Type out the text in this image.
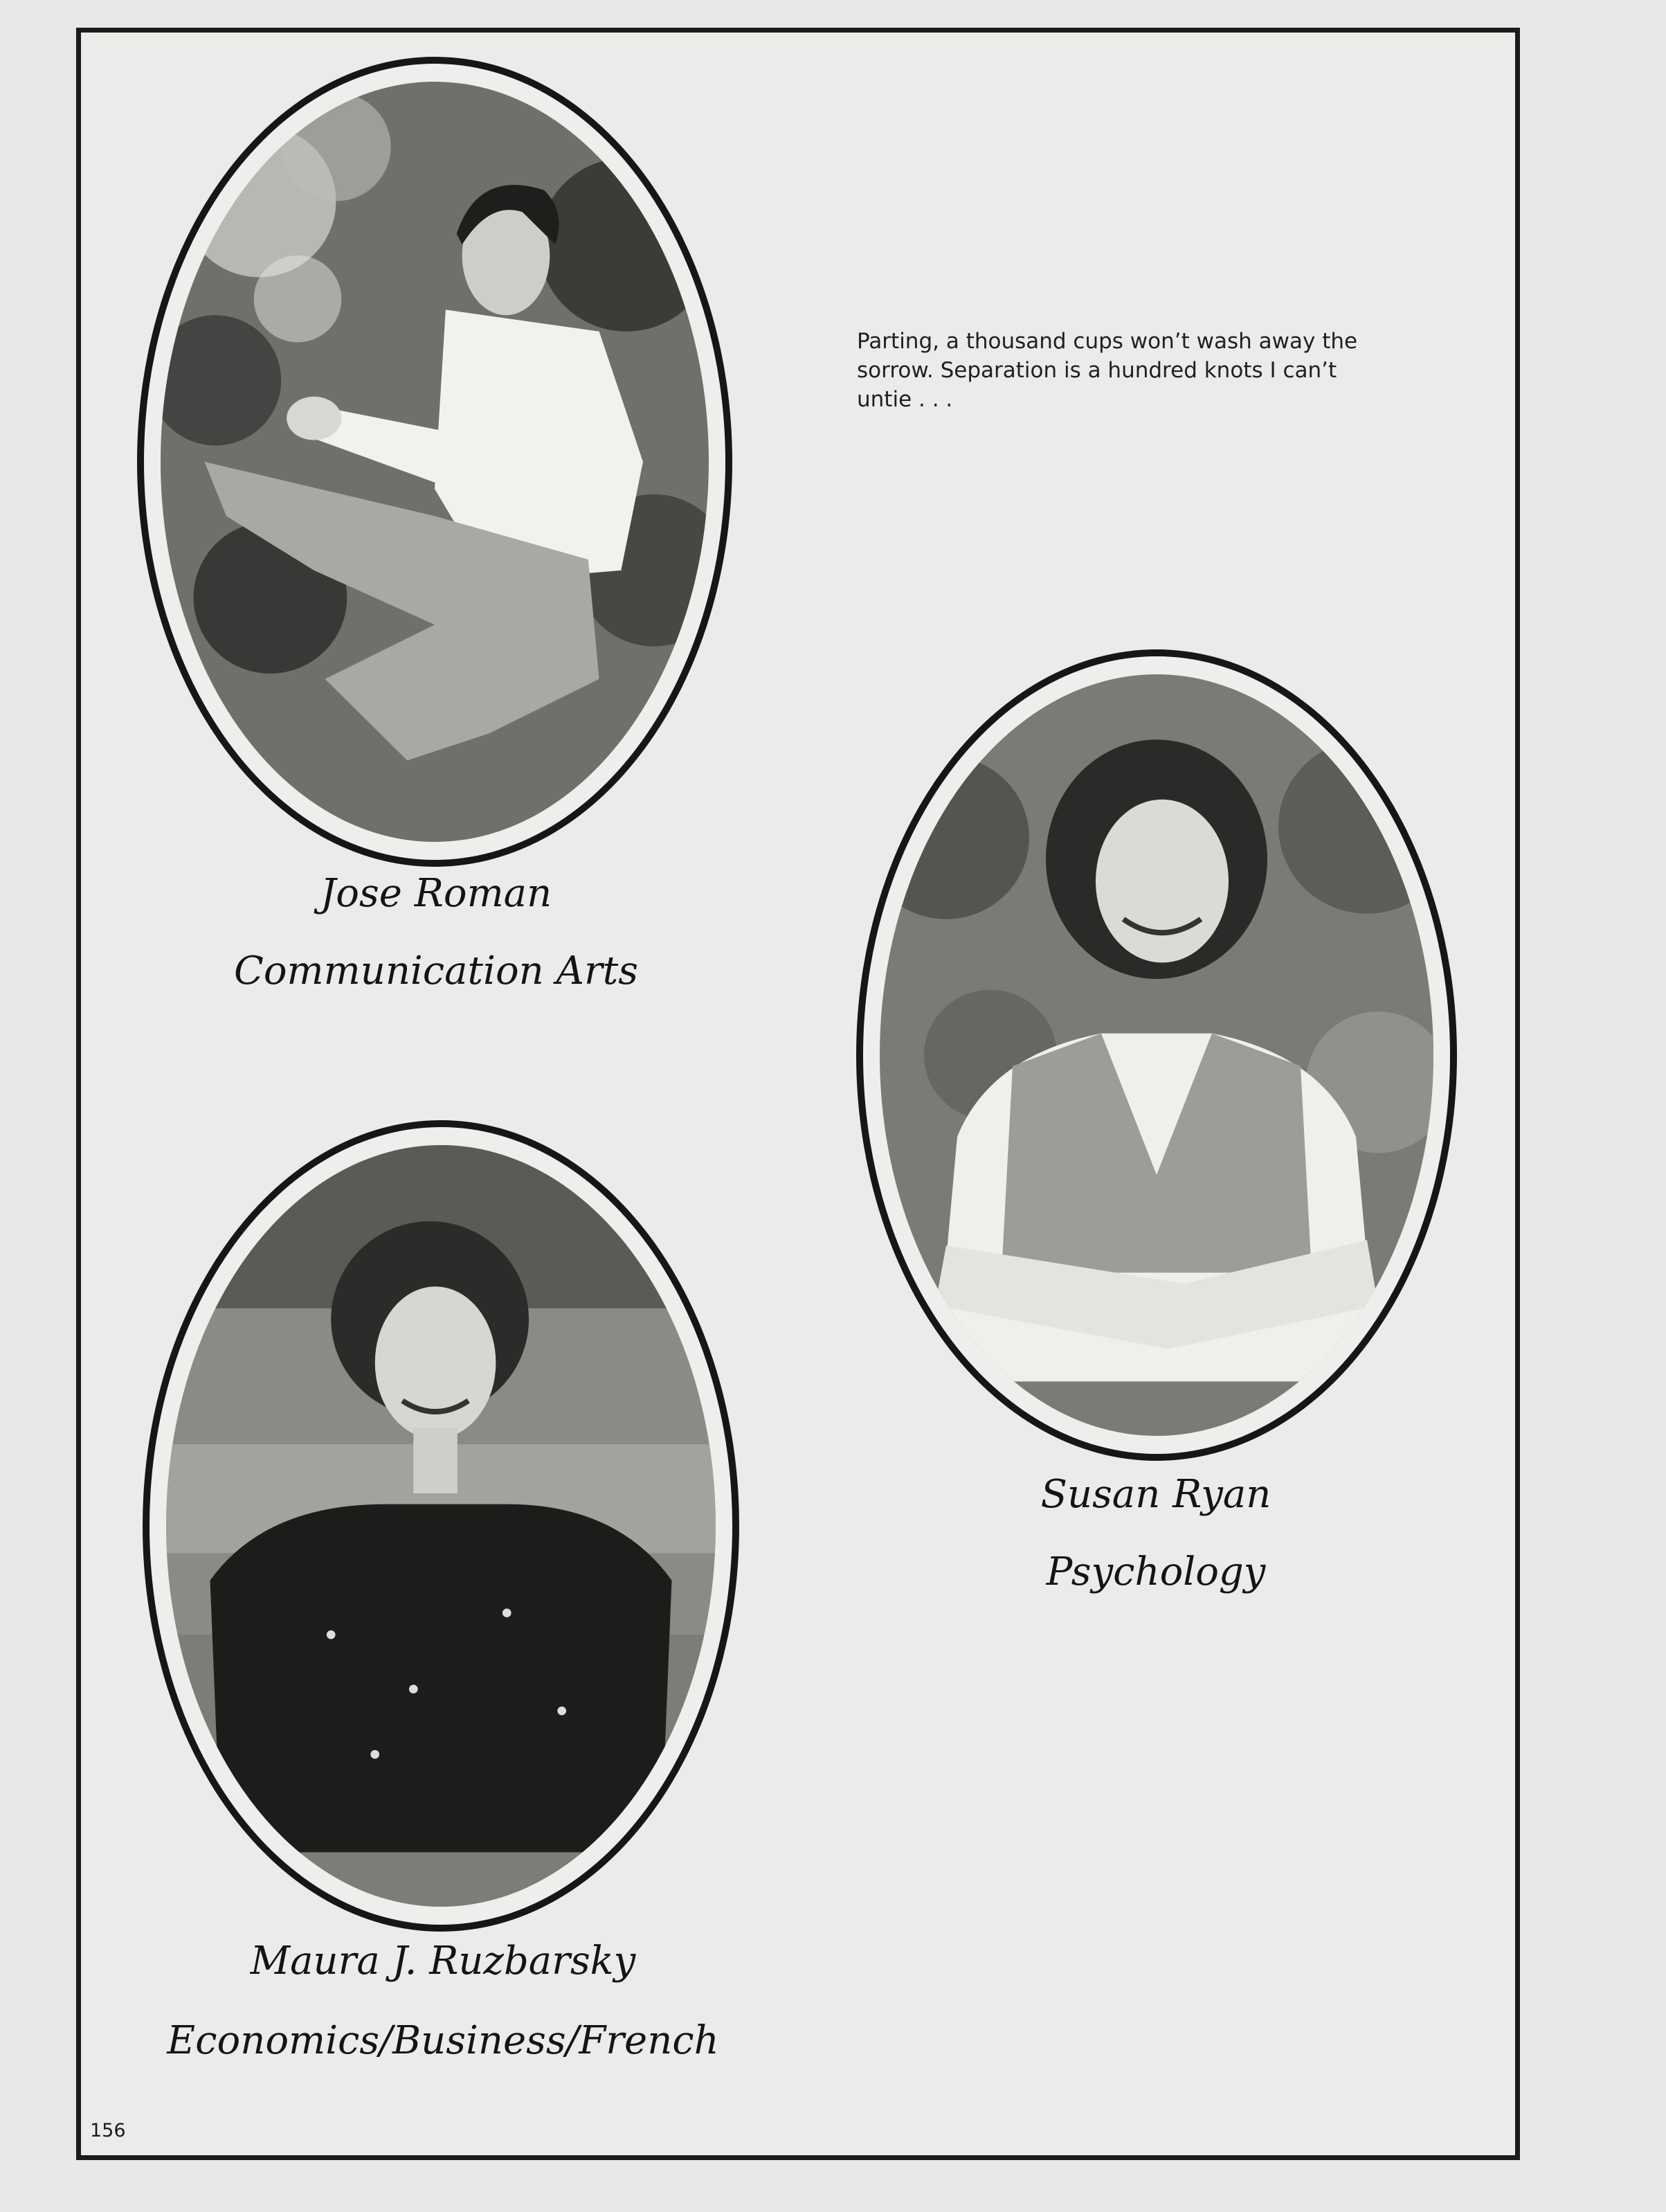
Parting, a thousand cups won’t wash away the
sorrow. Separation is a hundred knots I can’t
untie . . .
Jose Roman
Communication Arts
Susan Ryan
Psychology
Maura J. Ruzbarsky
Economics/Business/French
156
